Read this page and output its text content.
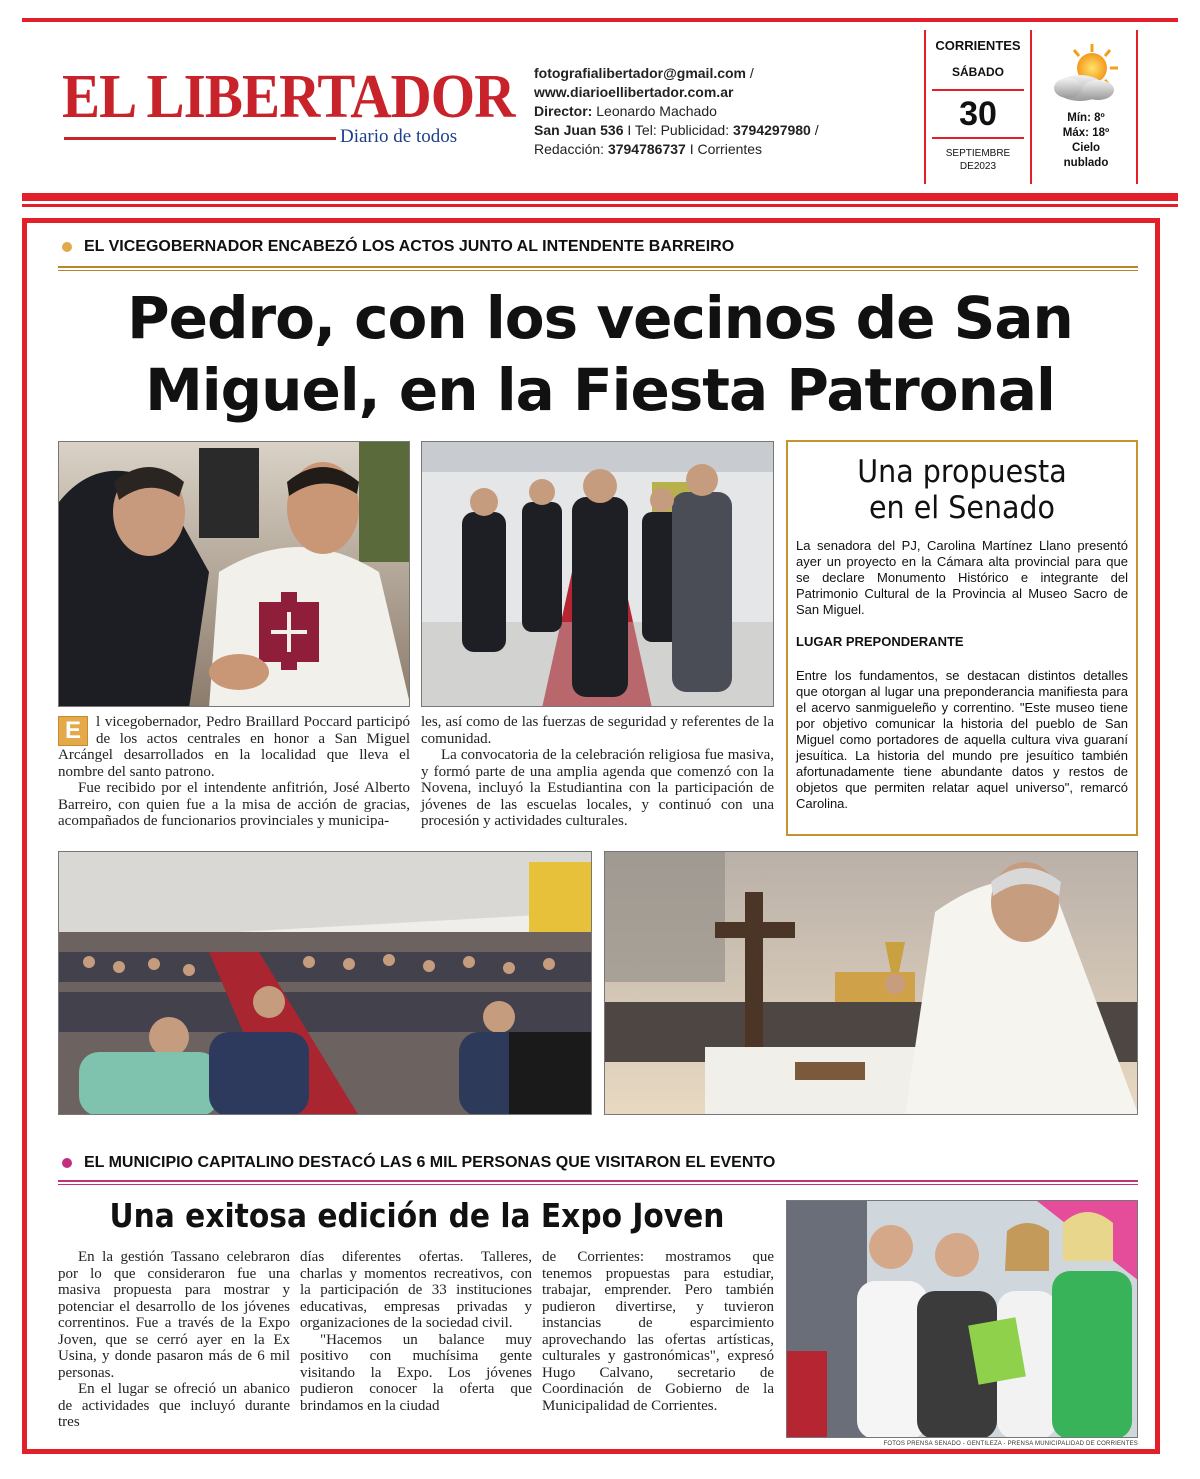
EL LIBERTADOR
Diario de todos
fotografialibertador@gmail.com /
www.diarioellibertador.com.ar
Director: Leonardo Machado
San Juan 536 I Tel: Publicidad: 3794297980 /
Redacción: 3794786737 I Corrientes
CORRIENTES
SÁBADO
30
SEPTIEMBRE
DE2023
Mín: 8º
Máx: 18º
Cielo
nublado
EL VICEGOBERNADOR ENCABEZÓ LOS ACTOS JUNTO AL INTENDENTE BARREIRO
Pedro, con los vecinos de San
Miguel, en la Fiesta Patronal
Una propuesta
en el Senado

La senadora del PJ, Carolina Martínez Llano presentó ayer un proyecto en la Cámara alta provincial para que se declare Monumento Histórico e integrante del Patrimonio Cultural de la Provincia al Museo Sacro de San Miguel.

LUGAR PREPONDERANTE

Entre los fundamentos, se destacan distintos detalles que otorgan al lugar una preponderancia manifiesta para el acervo sanmigueleño y correntino. "Este museo tiene por objetivo comunicar la historia del pueblo de San Miguel como portadores de aquella cultura viva guaraní jesuítica. La historia del mundo pre jesuítico también afortunadamente tiene abundante datos y restos de objetos que permiten relatar aquel universo", remarcó Carolina.

E	l vicegobernador, Pedro Braillard Poccard participó de los actos centrales en honor a San Miguel Arcángel desarrollados en la localidad que lleva el nombre del santo patrono.

Fue recibido por el intendente anfitrión, José Alberto Barreiro, con quien fue a la misa de acción de gracias, acompañados de funcionarios provinciales y municipa-

les, así como de las fuerzas de seguridad y referentes de la comunidad.

La convocatoria de la celebración religiosa fue masiva, y formó parte de una amplia agenda que comenzó con la Novena, incluyó la Estudiantina con la participación de jóvenes de las escuelas locales, y continuó con una procesión y actividades culturales.

EL MUNICIPIO CAPITALINO DESTACÓ LAS 6 MIL PERSONAS QUE VISITARON EL EVENTO
Una exitosa edición de la Expo Joven

En la gestión Tassano celebraron por lo que consideraron fue una masiva propuesta para mostrar y potenciar el desarrollo de los jóvenes correntinos. Fue a través de la Expo Joven, que se cerró ayer en la Ex Usina, y donde pasaron más de 6 mil personas.

En el lugar se ofreció un abanico de actividades que incluyó durante tres

días diferentes ofertas. Talleres, charlas y momentos recreativos, con la participación de 33 instituciones educativas, empresas privadas y organizaciones de la sociedad civil.

"Hacemos un balance muy positivo con muchísima gente visitando la Expo. Los jóvenes pudieron conocer la oferta que brindamos en la ciudad

de Corrientes: mostramos que tenemos propuestas para estudiar, trabajar, emprender. Pero también pudieron divertirse, y tuvieron instancias de esparcimiento aprovechando las ofertas artísticas, culturales y gastronómicas", expresó Hugo Calvano, secretario de Coordinación de Gobierno de la Municipalidad de Corrientes.

FOTOS PRENSA SENADO - GENTILEZA - PRENSA MUNICIPALIDAD DE CORRIENTES
